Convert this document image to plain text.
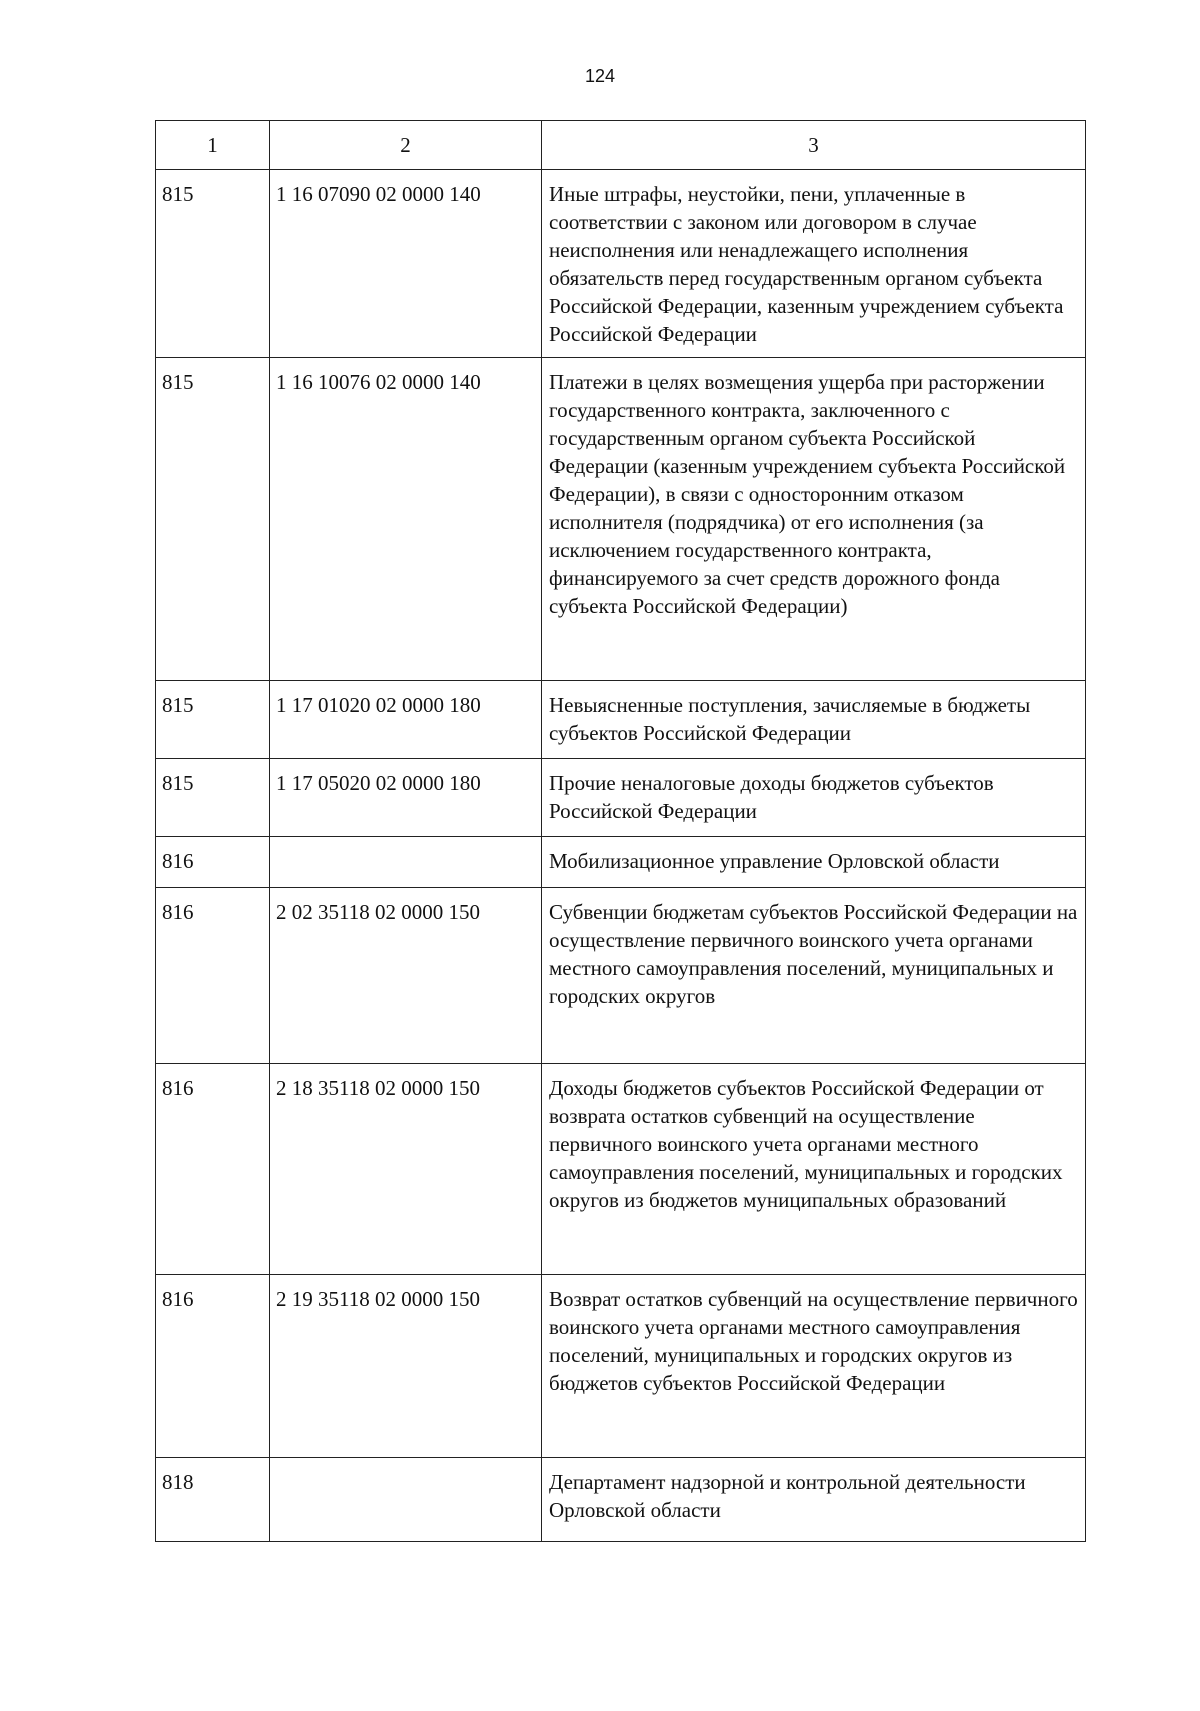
124
1	2	3
815	1 16 07090 02 0000 140	Иные штрафы, неустойки, пени, уплаченные в соответствии с законом или договором в случае неисполнения или ненадлежащего исполнения обязательств перед государственным органом субъекта Российской Федерации, казенным учреждением субъекта Российской Федерации
815	1 16 10076 02 0000 140	Платежи в целях возмещения ущерба при расторжении государственного контракта, заключенного с государственным органом субъекта Российской Федерации (казенным учреждением субъекта Российской Федерации), в связи с односторонним отказом исполнителя (подрядчика) от его исполнения (за исключением государственного контракта, финансируемого за счет средств дорожного фонда субъекта Российской Федерации)
815	1 17 01020 02 0000 180	Невыясненные поступления, зачисляемые в бюджеты субъектов Российской Федерации
815	1 17 05020 02 0000 180	Прочие неналоговые доходы бюджетов субъектов Российской Федерации
816		Мобилизационное управление Орловской области
816	2 02 35118 02 0000 150	Субвенции бюджетам субъектов Российской Федерации на осуществление первичного воинского учета органами местного самоуправления поселений, муниципальных и городских округов
816	2 18 35118 02 0000 150	Доходы бюджетов субъектов Российской Федерации от возврата остатков субвенций на осуществление первичного воинского учета органами местного самоуправления поселений, муниципальных и городских округов из бюджетов муниципальных образований
816	2 19 35118 02 0000 150	Возврат остатков субвенций на осуществление первичного воинского учета органами местного самоуправления поселений, муниципальных и городских округов из бюджетов субъектов Российской Федерации
818		Департамент надзорной и контрольной деятельности Орловской области
